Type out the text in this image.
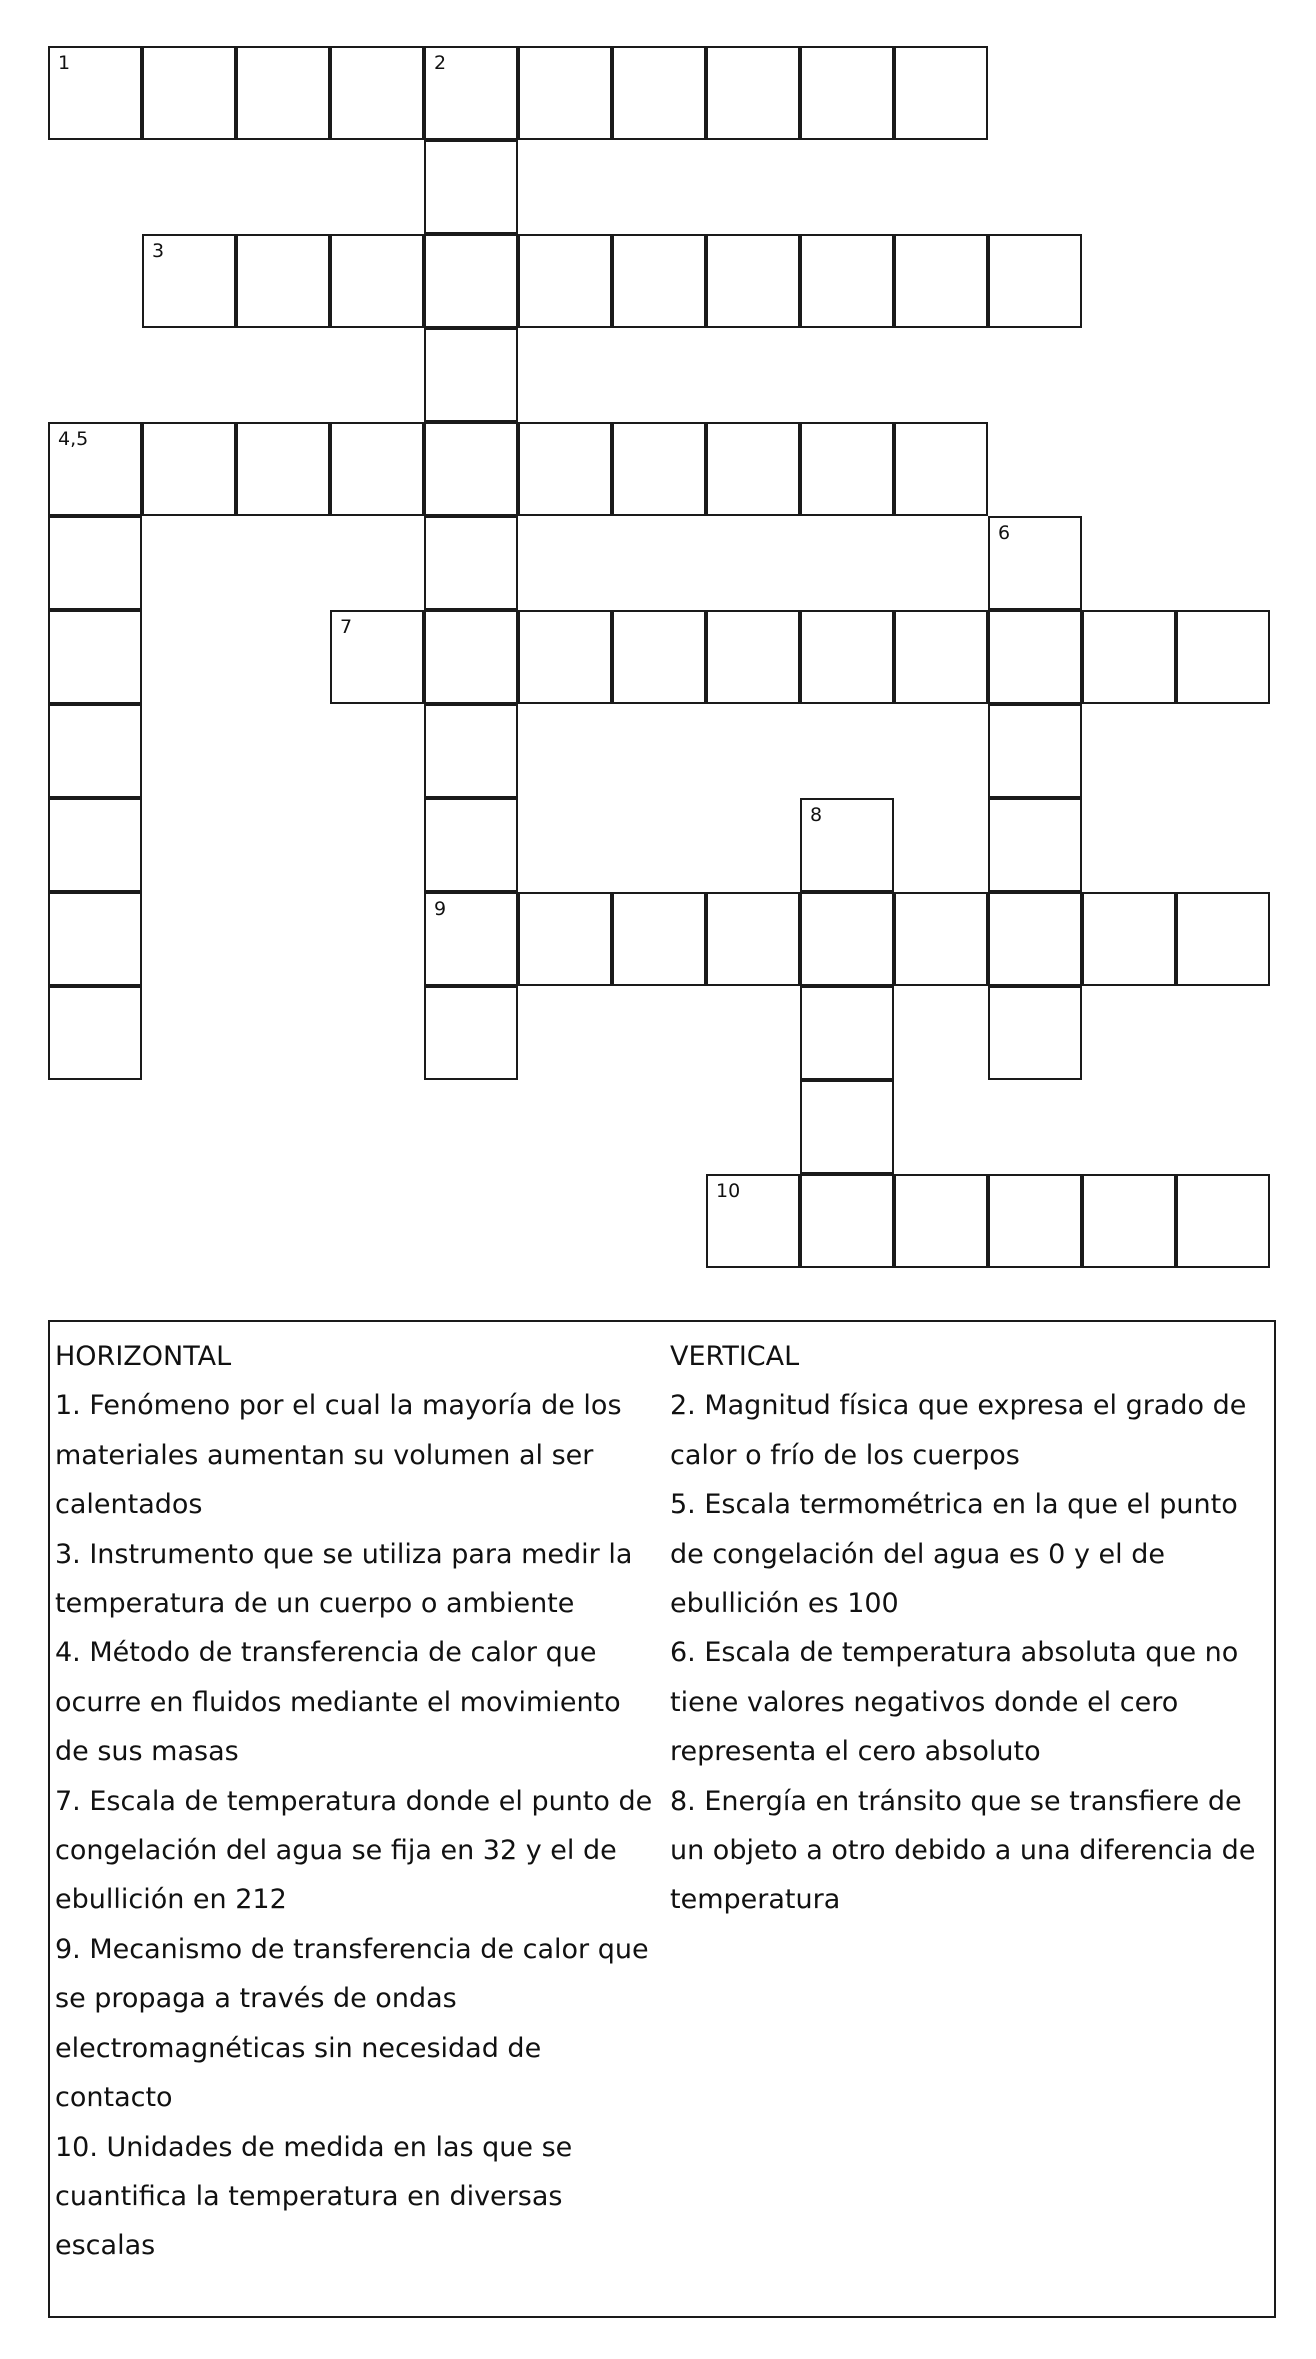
1	2
9
3
4,5
6
7
8
10

HORIZONTAL

1. Fenómeno por el cual la mayoría de los materiales aumentan su volumen al ser calentados

3. Instrumento que se utiliza para medir la temperatura de un cuerpo o ambiente

4. Método de transferencia de calor que ocurre en fluidos mediante el movimiento de sus masas

7. Escala de temperatura donde el punto de congelación del agua se fija en 32 y el de ebullición en 212

9. Mecanismo de transferencia de calor que se propaga a través de ondas electromagnéticas sin necesidad de contacto

10. Unidades de medida en las que se cuantifica la temperatura en diversas escalas

VERTICAL

2. Magnitud física que expresa el grado de calor o frío de los cuerpos

5. Escala termométrica en la que el punto de congelación del agua es 0 y el de ebullición es 100

6. Escala de temperatura absoluta que no tiene valores negativos donde el cero representa el cero absoluto

8. Energía en tránsito que se transfiere de un objeto a otro debido a una diferencia de temperatura
